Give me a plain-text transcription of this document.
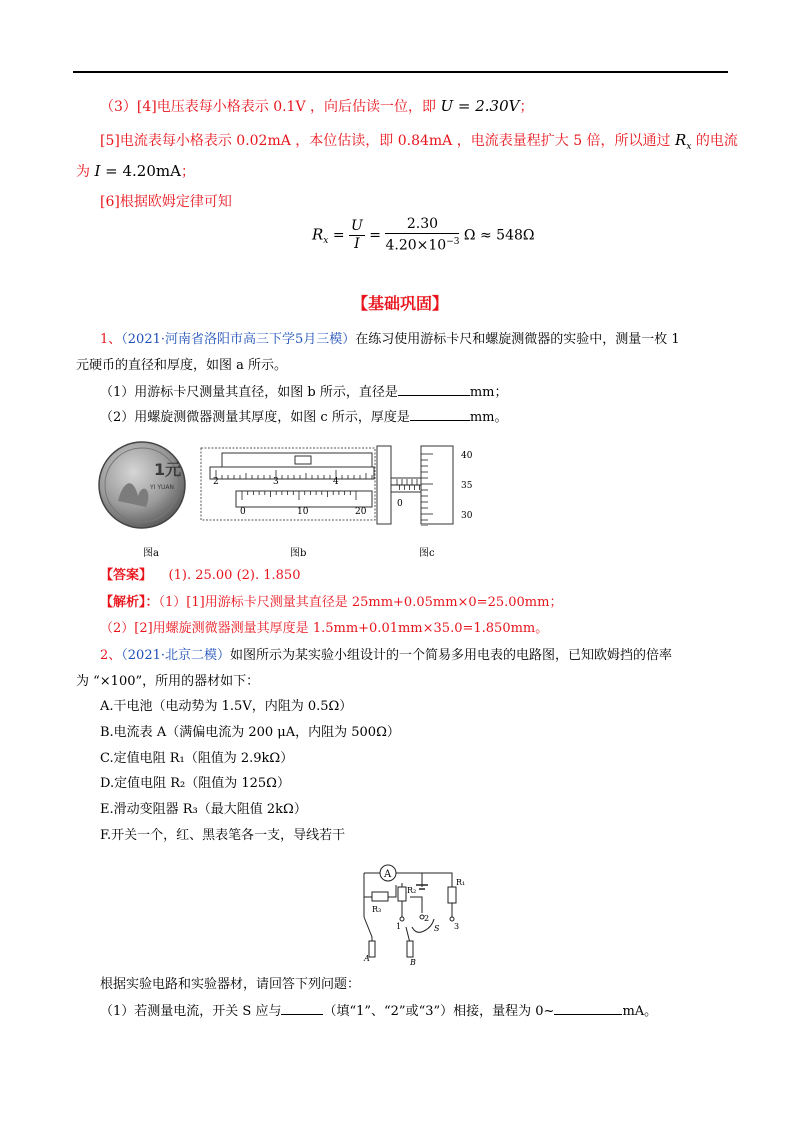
（3）[4]电压表每小格表示 0.1V ，向后估读一位，即 U = 2.30V；
[5]电流表每小格表示 0.02mA ，本位估读，即 0.84mA ，电流表量程扩大 5 倍，所以通过 $R_x$ 的电流
为 I = 4.20mA；
[6]根据欧姆定律可知
$R_x = \frac{U}{I} = \frac{2.30}{4.20\times 10^{-3}}$ Ω ≈ 548Ω
【基础巩固】
1、（2021·河南省洛阳市高三下学5月三模）在练习使用游标卡尺和螺旋测微器的实验中，测量一枚 1
元硬币的直径和厚度，如图 a 所示。
（1）用游标卡尺测量其直径，如图 b 所示，直径是	mm；
（2）用螺旋测微器测量其厚度，如图 c 所示，厚度是	mm。
1元
YI YUAN
图a
2	3	4
0	10	20
图b
0
40
35
30
图c
【答案】 (1). 25.00 (2). 1.850
【解析】：（1）[1]用游标卡尺测量其直径是 25mm+0.05mm×0=25.00mm；
（2）[2]用螺旋测微器测量其厚度是 1.5mm+0.01mm×35.0=1.850mm。
2、（2021·北京二模）如图所示为某实验小组设计的一个简易多用电表的电路图，已知欧姆挡的倍率
为 “×100”，所用的器材如下：
A.干电池（电动势为 1.5V，内阻为 0.5Ω）
B.电流表 A（满偏电流为 200 μA，内阻为 500Ω）
C.定值电阻 R₁（阻值为 2.9kΩ）
D.定值电阻 R₂（阻值为 125Ω）
E.滑动变阻器 R₃（最大阻值 2kΩ）
F.开关一个，红、黑表笔各一支，导线若干
A
R₃
R₁
R₂
1
2
3
S
A	B
根据实验电路和实验器材，请回答下列问题：
（1）若测量电流，开关 S 应与	（填“1”、“2”或“3”）相接，量程为 0~	mA。
